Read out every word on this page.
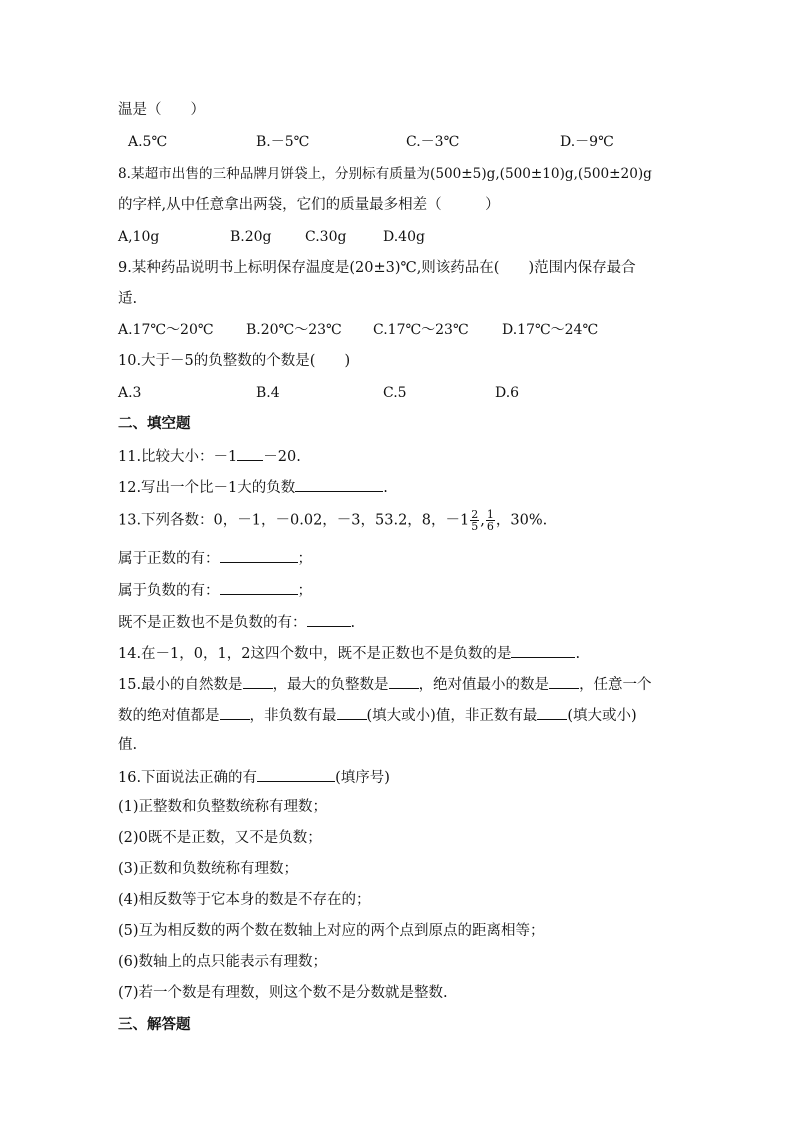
温是（　　）
A.5℃	B.－5℃	C.－3℃	D.－9℃
8.某超市出售的三种品牌月饼袋上，分别标有质量为(500±5)g,(500±10)g,(500±20)g
的字样,从中任意拿出两袋，它们的质量最多相差（　　　）
A,10g	B.20g C.30g	D.40g
9.某种药品说明书上标明保存温度是(20±3)℃,则该药品在(　　)范围内保存最合
适.
A.17℃～20℃ B.20℃～23℃ C.17℃～23℃ D.17℃～24℃
10.大于－5的负整数的个数是(　　)
A.3	B.4	C.5	D.6
二、填空题
11.比较大小：－1 －20.
12.写出一个比－1大的负数	.
13.下列各数：0，－1，－0.02，－3，53.2，8，$-1 \frac{2}{5}$ , $\frac{1}{6}$ ，30%.
属于正数的有：	；
属于负数的有：	；
既不是正数也不是负数的有：	.
14.在－1，0，1，2这四个数中，既不是正数也不是负数的是	.
15.最小的自然数是 ，最大的负整数是 ，绝对值最小的数是 ，任意一个
数的绝对值都是 ，非负数有最 (填大或小)值，非正数有最 (填大或小)
值.
16.下面说法正确的有	(填序号)
(1)正整数和负整数统称有理数；
(2)0既不是正数，又不是负数；
(3)正数和负数统称有理数；
(4)相反数等于它本身的数是不存在的；
(5)互为相反数的两个数在数轴上对应的两个点到原点的距离相等；
(6)数轴上的点只能表示有理数；
(7)若一个数是有理数，则这个数不是分数就是整数.
三、解答题
